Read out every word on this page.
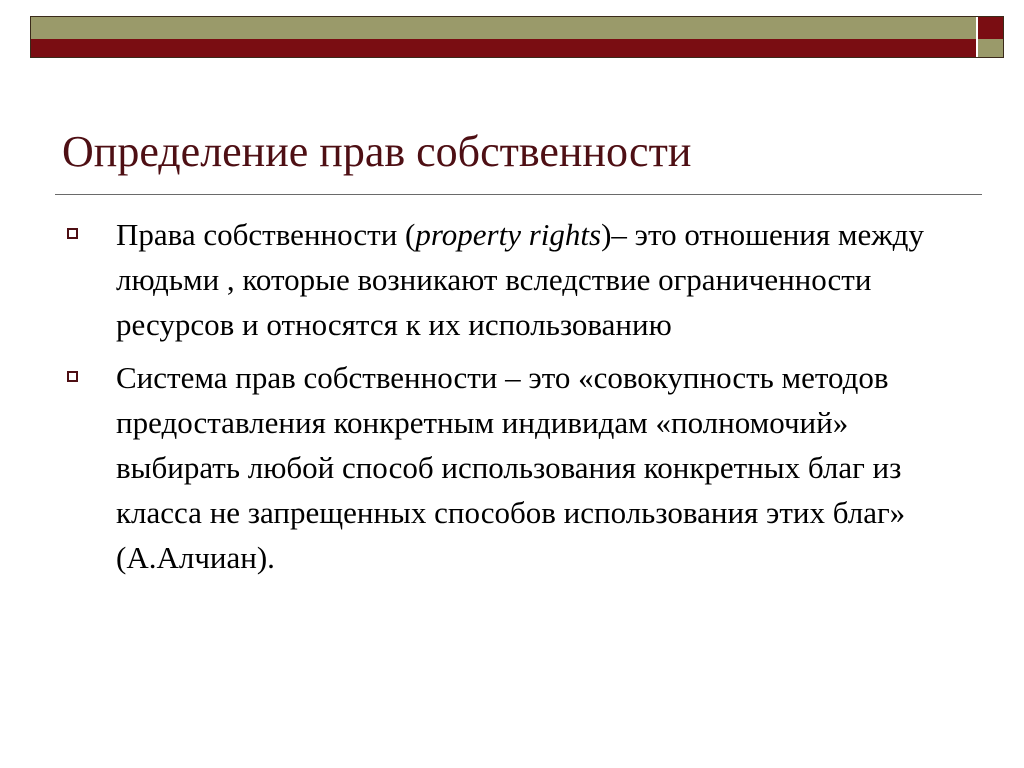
Определение прав собственности
Права собственности (property rights)– это отношения между людьми , которые возникают вследствие ограниченности ресурсов и относятся к их использованию
Система прав собственности – это «совокупность методов предоставления конкретным индивидам «полномочий» выбирать любой способ использования конкретных благ из класса не запрещенных способов использования этих благ» (А.Алчиан).
